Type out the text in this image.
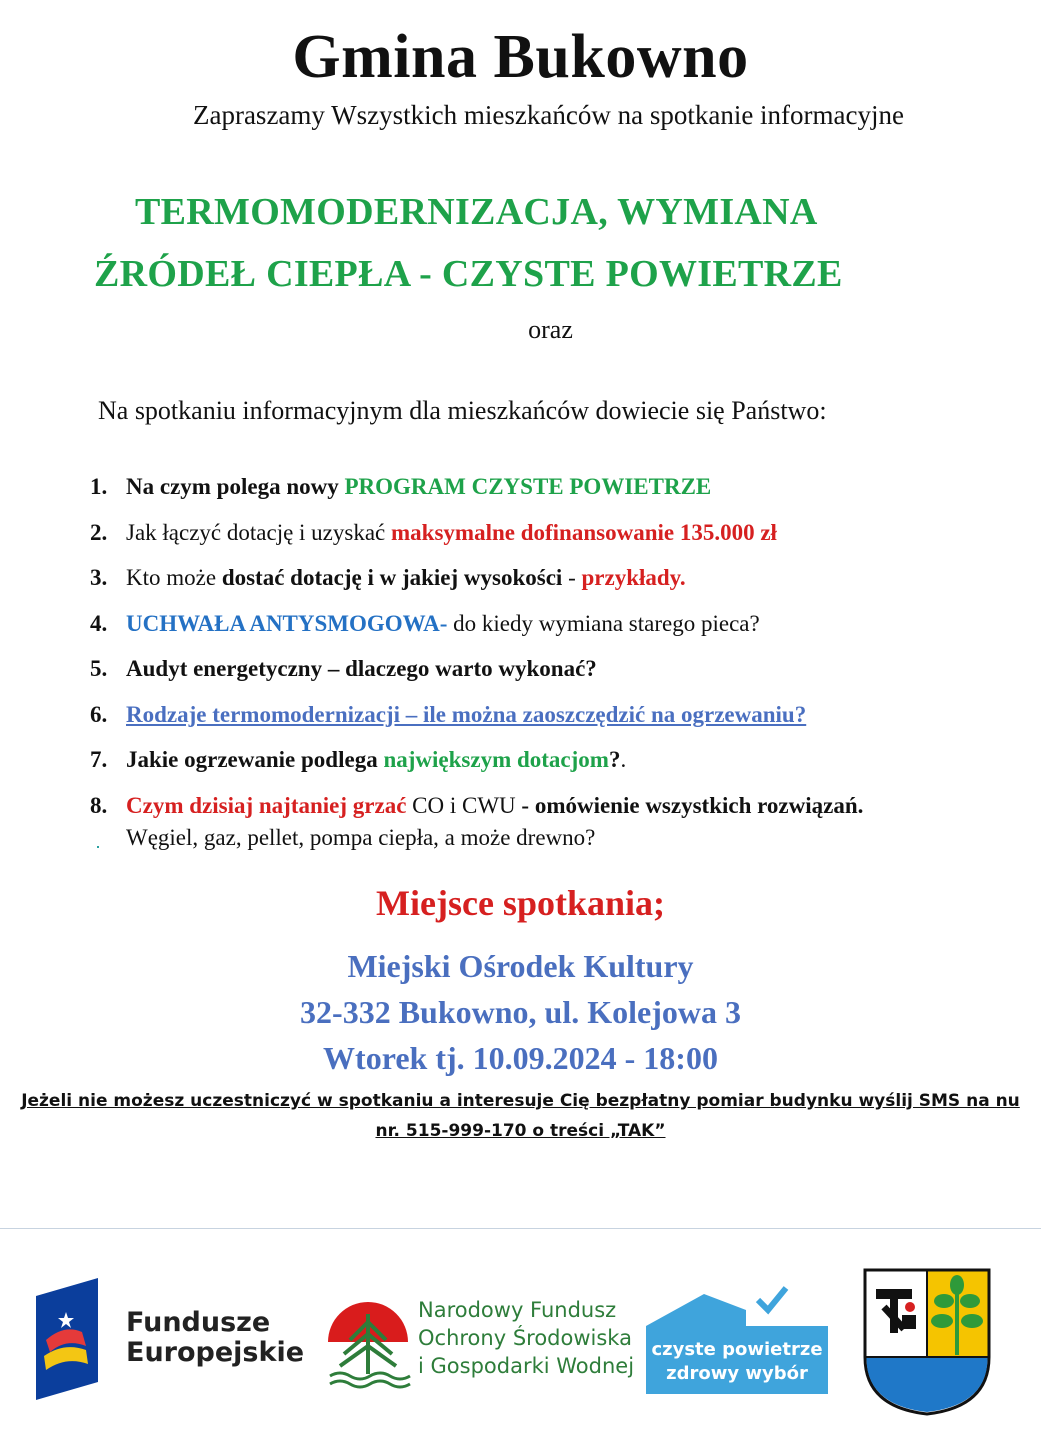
Gmina Bukowno
Zapraszamy Wszystkich mieszkańców na spotkanie informacyjne
TERMOMODERNIZACJA, WYMIANA
ŹRÓDEŁ CIEPŁA - CZYSTE POWIETRZE
oraz
Na spotkaniu informacyjnym dla mieszkańców dowiecie się Państwo:
1. Na czym polega nowy PROGRAM CZYSTE POWIETRZE
2. Jak łączyć dotację i uzyskać maksymalne dofinansowanie 135.000 zł
3. Kto może dostać dotację i w jakiej wysokości - przykłady.
4. UCHWAŁA ANTYSMOGOWA- do kiedy wymiana starego pieca?
5. Audyt energetyczny – dlaczego warto wykonać?
6. Rodzaje termomodernizacji – ile można zaoszczędzić na ogrzewaniu?
7. Jakie ogrzewanie podlega największym dotacjom?.
8. Czym dzisiaj najtaniej grzać CO i CWU - omówienie wszystkich rozwiązań.
Węgiel, gaz, pellet, pompa ciepła, a może drewno?
Miejsce spotkania;
Miejski Ośrodek Kultury
32-332 Bukowno, ul. Kolejowa 3
Wtorek tj. 10.09.2024 - 18:00
Jeżeli nie możesz uczestniczyć w spotkaniu a interesuje Cię bezpłatny pomiar budynku wyślij SMS na nu
nr. 515-999-170 o treści „TAK”
Fundusze
Europejskie
Narodowy Fundusz
Ochrony Środowiska
i Gospodarki Wodnej
czyste powietrze
zdrowy wybór
